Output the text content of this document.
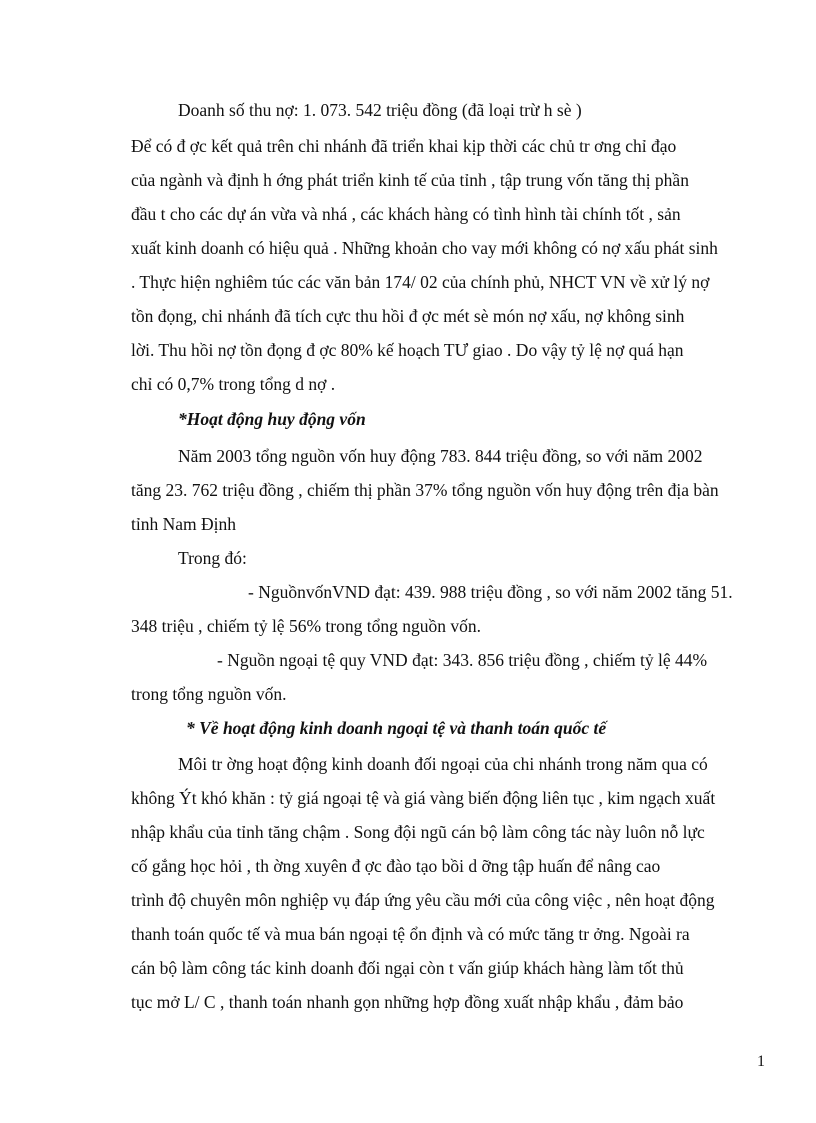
Doanh số thu nợ: 1. 073. 542 triệu đồng (đã loại trừ h sè )

Để có đ ợc kết quả trên chi nhánh đã triển khai kịp thời các chủ tr ơng chỉ đạo

của ngành và định h ớng phát triển kinh tế của tỉnh , tập trung vốn tăng thị phần

đầu t cho các dự án vừa và nhá , các khách hàng có tình hình tài chính tốt , sản

xuất kinh doanh có hiệu quả . Những khoản cho vay mới không có nợ xấu phát sinh

. Thực hiện nghiêm túc các văn bản 174/ 02 của chính phủ, NHCT VN về xử lý nợ

tồn đọng, chi nhánh đã tích cực thu hồi đ ợc mét sè món nợ xấu, nợ không sinh

lời. Thu hồi nợ tồn đọng đ ợc 80% kế hoạch TƯ giao . Do vậy tỷ lệ nợ quá hạn

chỉ có 0,7% trong tổng d nợ .

*Hoạt động huy động vốn

Năm 2003 tổng nguồn vốn huy động 783. 844 triệu đồng, so với năm 2002

tăng 23. 762 triệu đồng , chiếm thị phần 37% tổng nguồn vốn huy động trên địa bàn

tỉnh Nam Định

Trong đó:

- NguồnvốnVND đạt: 439. 988 triệu đồng , so với năm 2002 tăng 51.

348 triệu , chiếm tỷ lệ 56% trong tổng nguồn vốn.

- Nguồn ngoại tệ quy VND đạt: 343. 856 triệu đồng , chiếm tỷ lệ 44%

trong tổng nguồn vốn.

* Về hoạt động kinh doanh ngoại tệ và thanh toán quốc tế

Môi tr ờng hoạt động kinh doanh đối ngoại của chi nhánh trong năm qua có

không Ýt khó khăn : tỷ giá ngoại tệ và giá vàng biến động liên tục , kim ngạch xuất

nhập khẩu của tỉnh tăng chậm . Song đội ngũ cán bộ làm công tác này luôn nỗ lực

cố gắng học hỏi , th ờng xuyên đ ợc đào tạo bồi d ỡng tập huấn để nâng cao

trình độ chuyên môn nghiệp vụ đáp ứng yêu cầu mới của công việc , nên hoạt động

thanh toán quốc tế và mua bán ngoại tệ ổn định và có mức tăng tr ởng. Ngoài ra

cán bộ làm công tác kinh doanh đối ngại còn t vấn giúp khách hàng làm tốt thủ

tục mở L/ C , thanh toán nhanh gọn những hợp đồng xuất nhập khẩu , đảm bảo

1
